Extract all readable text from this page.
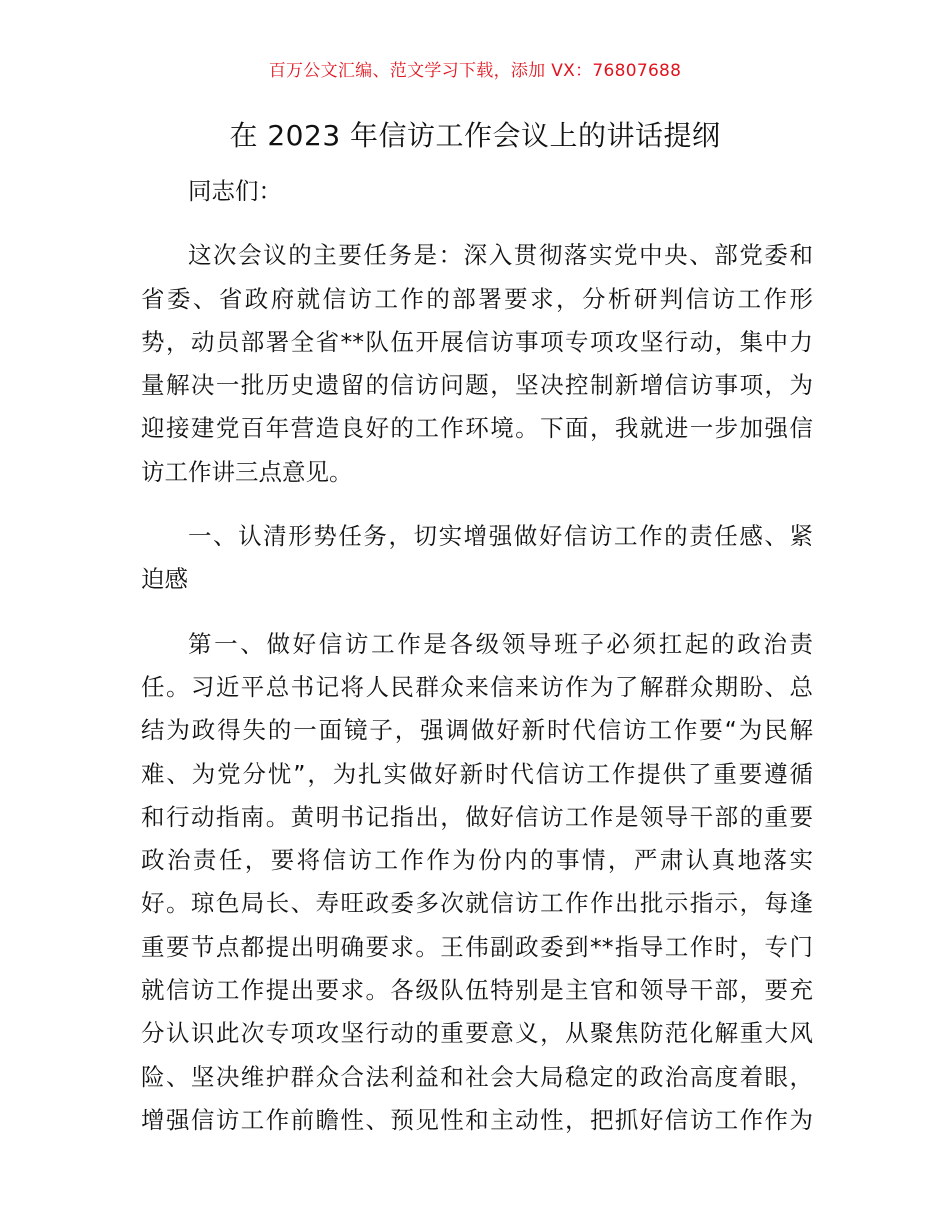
百万公文汇编、范文学习下载，添加 VX：76807688
在 2023 年信访工作会议上的讲话提纲
同志们：
这次会议的主要任务是：深入贯彻落实党中央、部党委和
省委、省政府就信访工作的部署要求，分析研判信访工作形
势，动员部署全省**队伍开展信访事项专项攻坚行动，集中力
量解决一批历史遗留的信访问题，坚决控制新增信访事项，为
迎接建党百年营造良好的工作环境。下面，我就进一步加强信
访工作讲三点意见。
一、认清形势任务，切实增强做好信访工作的责任感、紧
迫感
第一、做好信访工作是各级领导班子必须扛起的政治责
任。习近平总书记将人民群众来信来访作为了解群众期盼、总
结为政得失的一面镜子，强调做好新时代信访工作要“为民解
难、为党分忧”，为扎实做好新时代信访工作提供了重要遵循
和行动指南。黄明书记指出，做好信访工作是领导干部的重要
政治责任，要将信访工作作为份内的事情，严肃认真地落实
好。琼色局长、寿旺政委多次就信访工作作出批示指示，每逢
重要节点都提出明确要求。王伟副政委到**指导工作时，专门
就信访工作提出要求。各级队伍特别是主官和领导干部，要充
分认识此次专项攻坚行动的重要意义，从聚焦防范化解重大风
险、坚决维护群众合法利益和社会大局稳定的政治高度着眼，
增强信访工作前瞻性、预见性和主动性，把抓好信访工作作为
